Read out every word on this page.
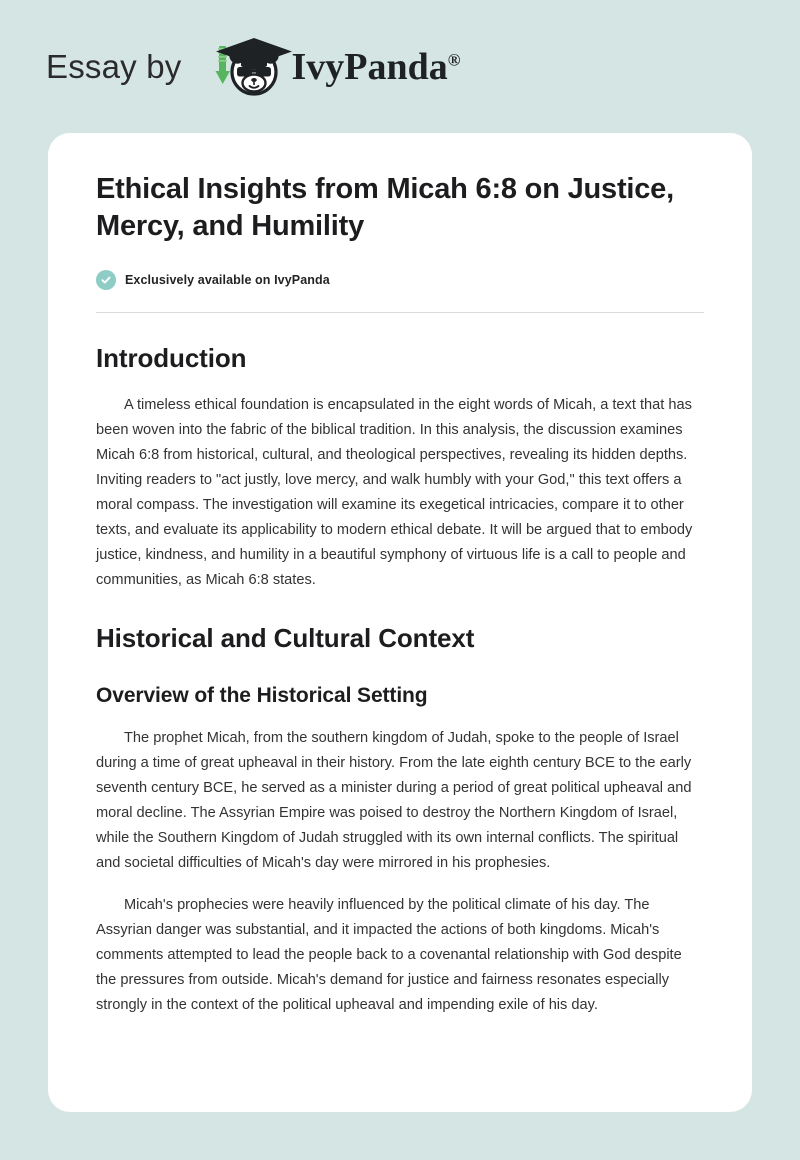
Essay by	IvyPanda®
Ethical Insights from Micah 6:8 on Justice, Mercy, and Humility
Exclusively available on IvyPanda
Introduction

A timeless ethical foundation is encapsulated in the eight words of Micah, a text that has been woven into the fabric of the biblical tradition. In this analysis, the discussion examines Micah 6:8 from historical, cultural, and theological perspectives, revealing its hidden depths. Inviting readers to "act justly, love mercy, and walk humbly with your God," this text offers a moral compass. The investigation will examine its exegetical intricacies, compare it to other texts, and evaluate its applicability to modern ethical debate. It will be argued that to embody justice, kindness, and humility in a beautiful symphony of virtuous life is a call to people and communities, as Micah 6:8 states.

Historical and Cultural Context
Overview of the Historical Setting

The prophet Micah, from the southern kingdom of Judah, spoke to the people of Israel during a time of great upheaval in their history. From the late eighth century BCE to the early seventh century BCE, he served as a minister during a period of great political upheaval and moral decline. The Assyrian Empire was poised to destroy the Northern Kingdom of Israel, while the Southern Kingdom of Judah struggled with its own internal conflicts. The spiritual and societal difficulties of Micah's day were mirrored in his prophesies.

Micah's prophecies were heavily influenced by the political climate of his day. The Assyrian danger was substantial, and it impacted the actions of both kingdoms. Micah's comments attempted to lead the people back to a covenantal relationship with God despite the pressures from outside. Micah's demand for justice and fairness resonates especially strongly in the context of the political upheaval and impending exile of his day.
